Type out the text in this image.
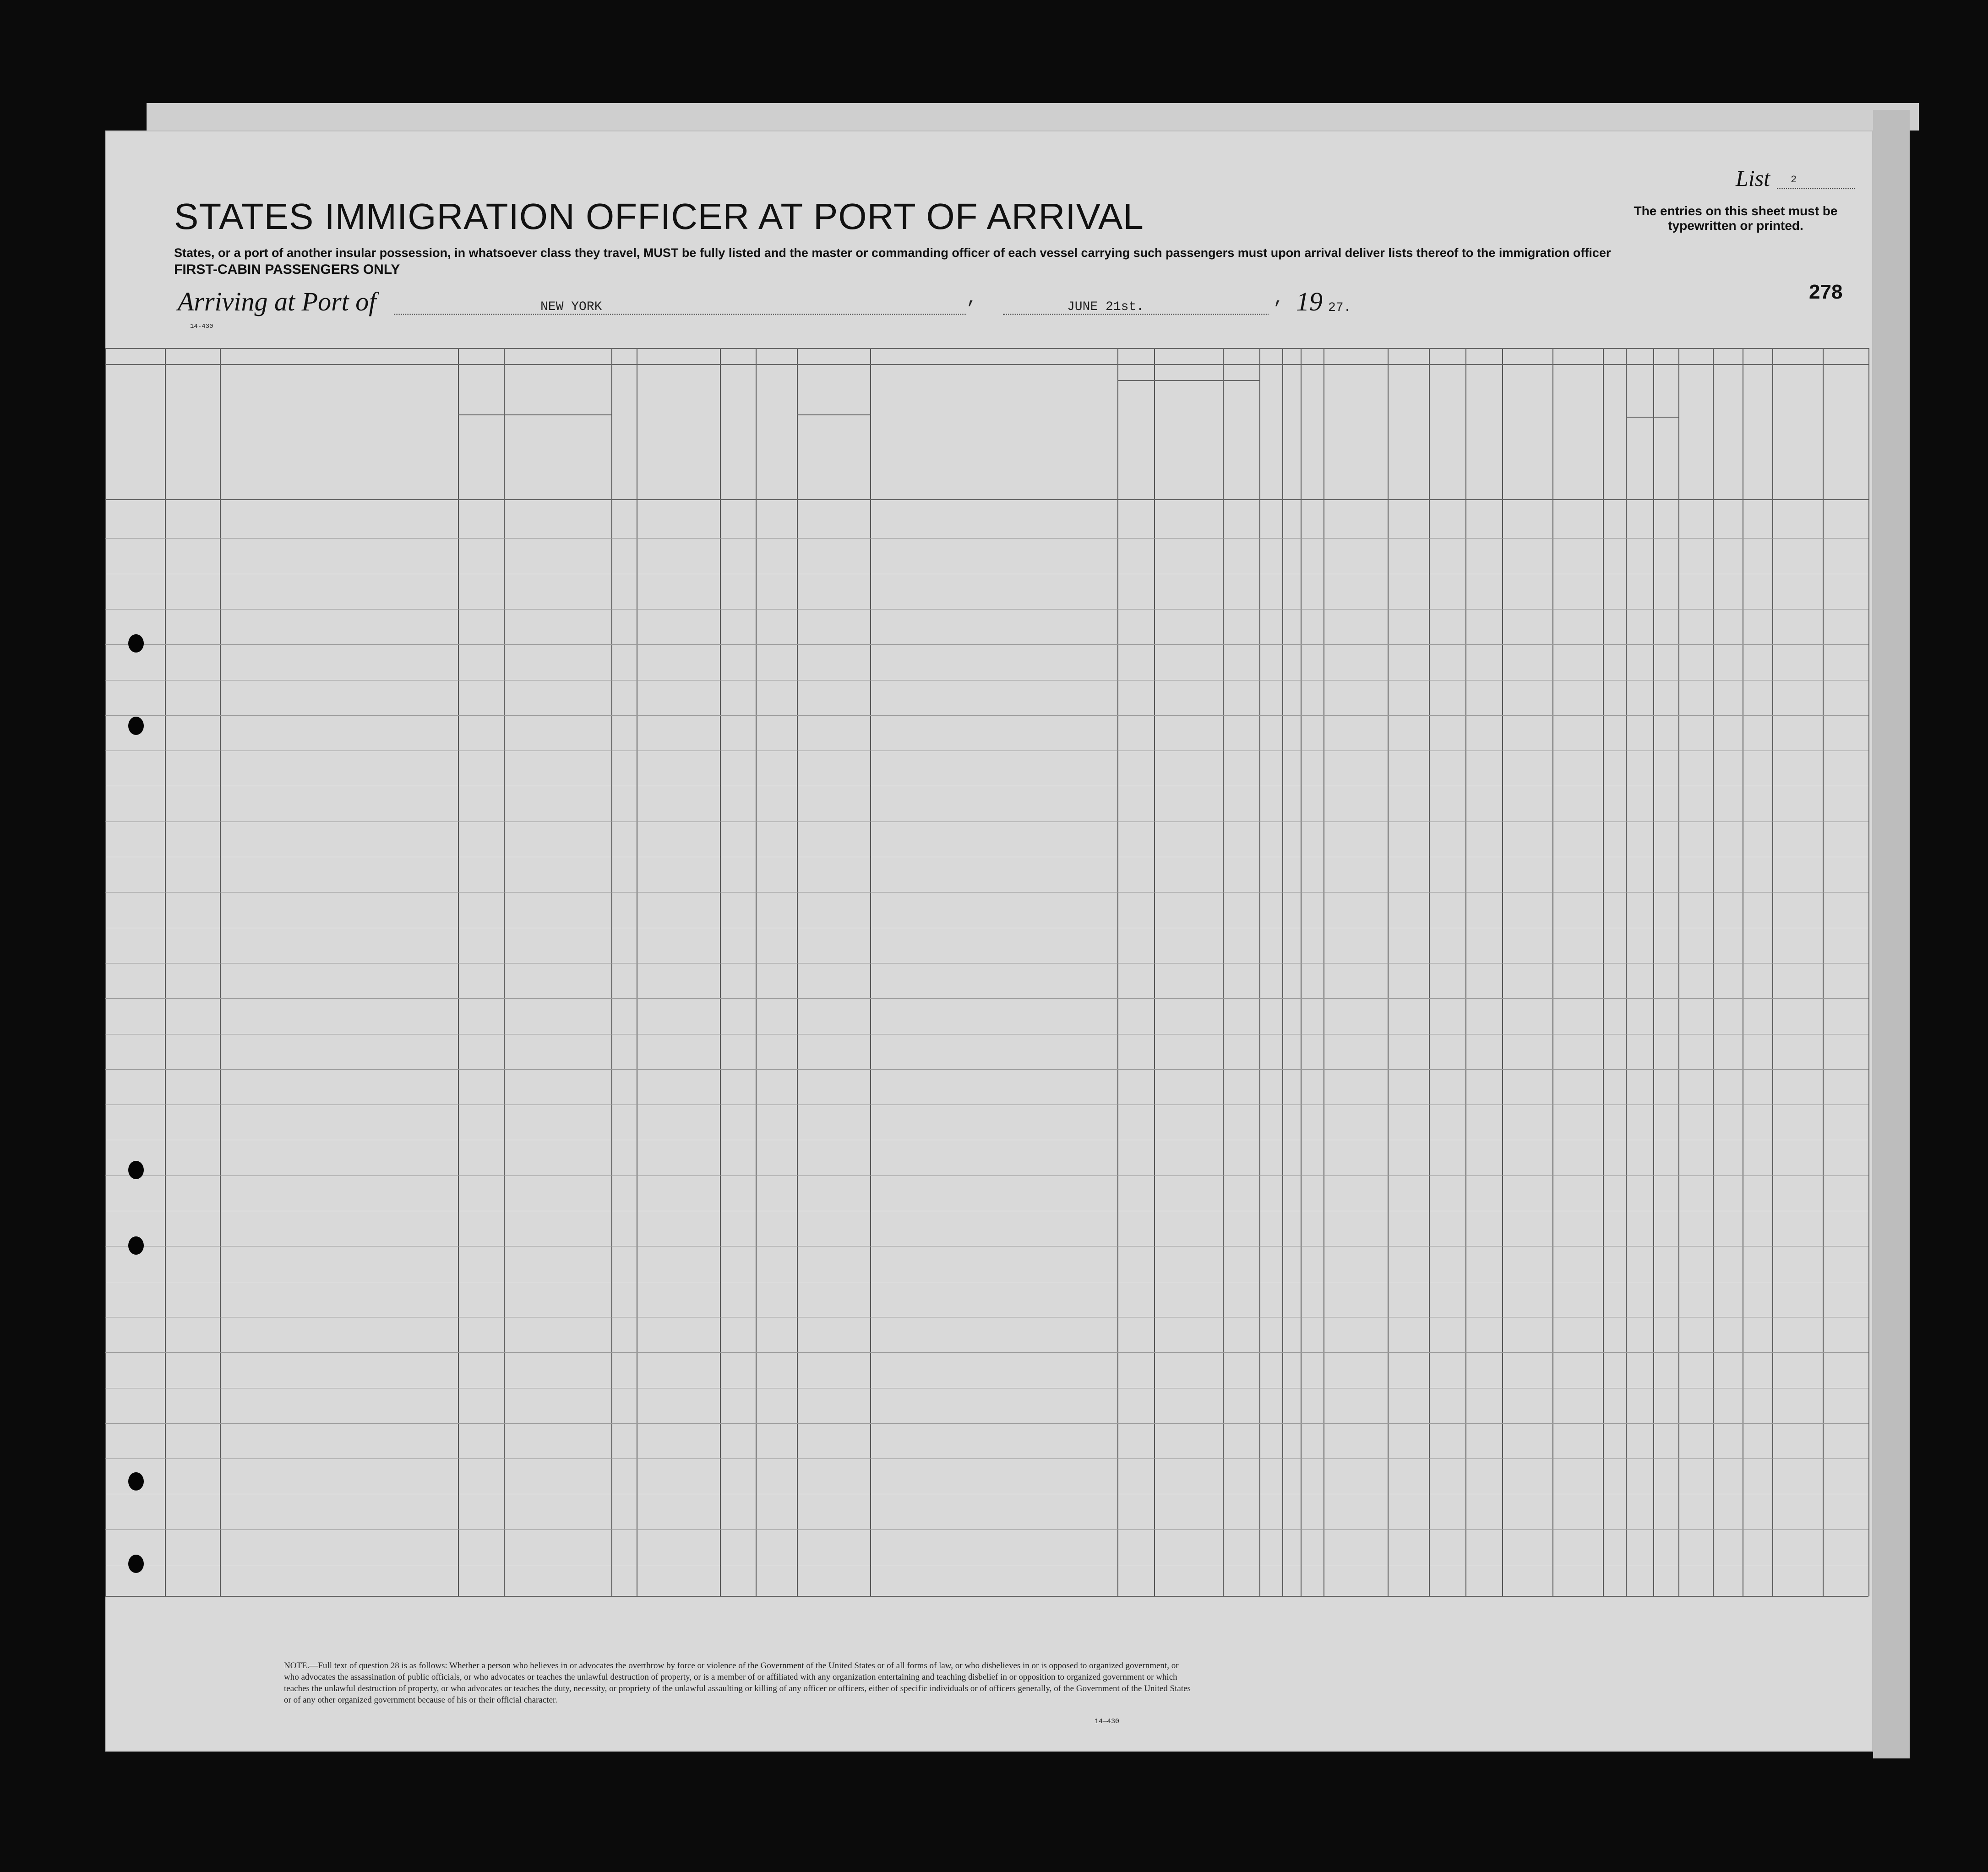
STATES IMMIGRATION OFFICER AT PORT OF ARRIVAL
States, or a port of another insular possession, in whatsoever class they travel, MUST be fully listed and the master or commanding officer of each vessel carrying such passengers must upon arrival deliver lists thereof to the immigration officer
FIRST-CABIN PASSENGERS ONLY
Arriving at Port of	NEW YORK	,	JUNE 21st.	, 19 27.
List 2
The entries on this sheet must be typewritten or printed.
278
14-430
NOTE.—Full text of question 28 is as follows: Whether a person who believes in or advocates the overthrow by force or violence of the Government of the United States or of all forms of law, or who disbelieves in or is opposed to organized government, or who advocates the assassination of public officials, or who advocates or teaches the unlawful destruction of property, or is a member of or affiliated with any organization entertaining and teaching disbelief in or opposition to organized government or which teaches the unlawful destruction of property, or who advocates or teaches the duty, necessity, or propriety of the unlawful assaulting or killing of any officer or officers, either of specific individuals or of officers generally, of the Government of the United States or of any other organized government because of his or their official character.
14—430
